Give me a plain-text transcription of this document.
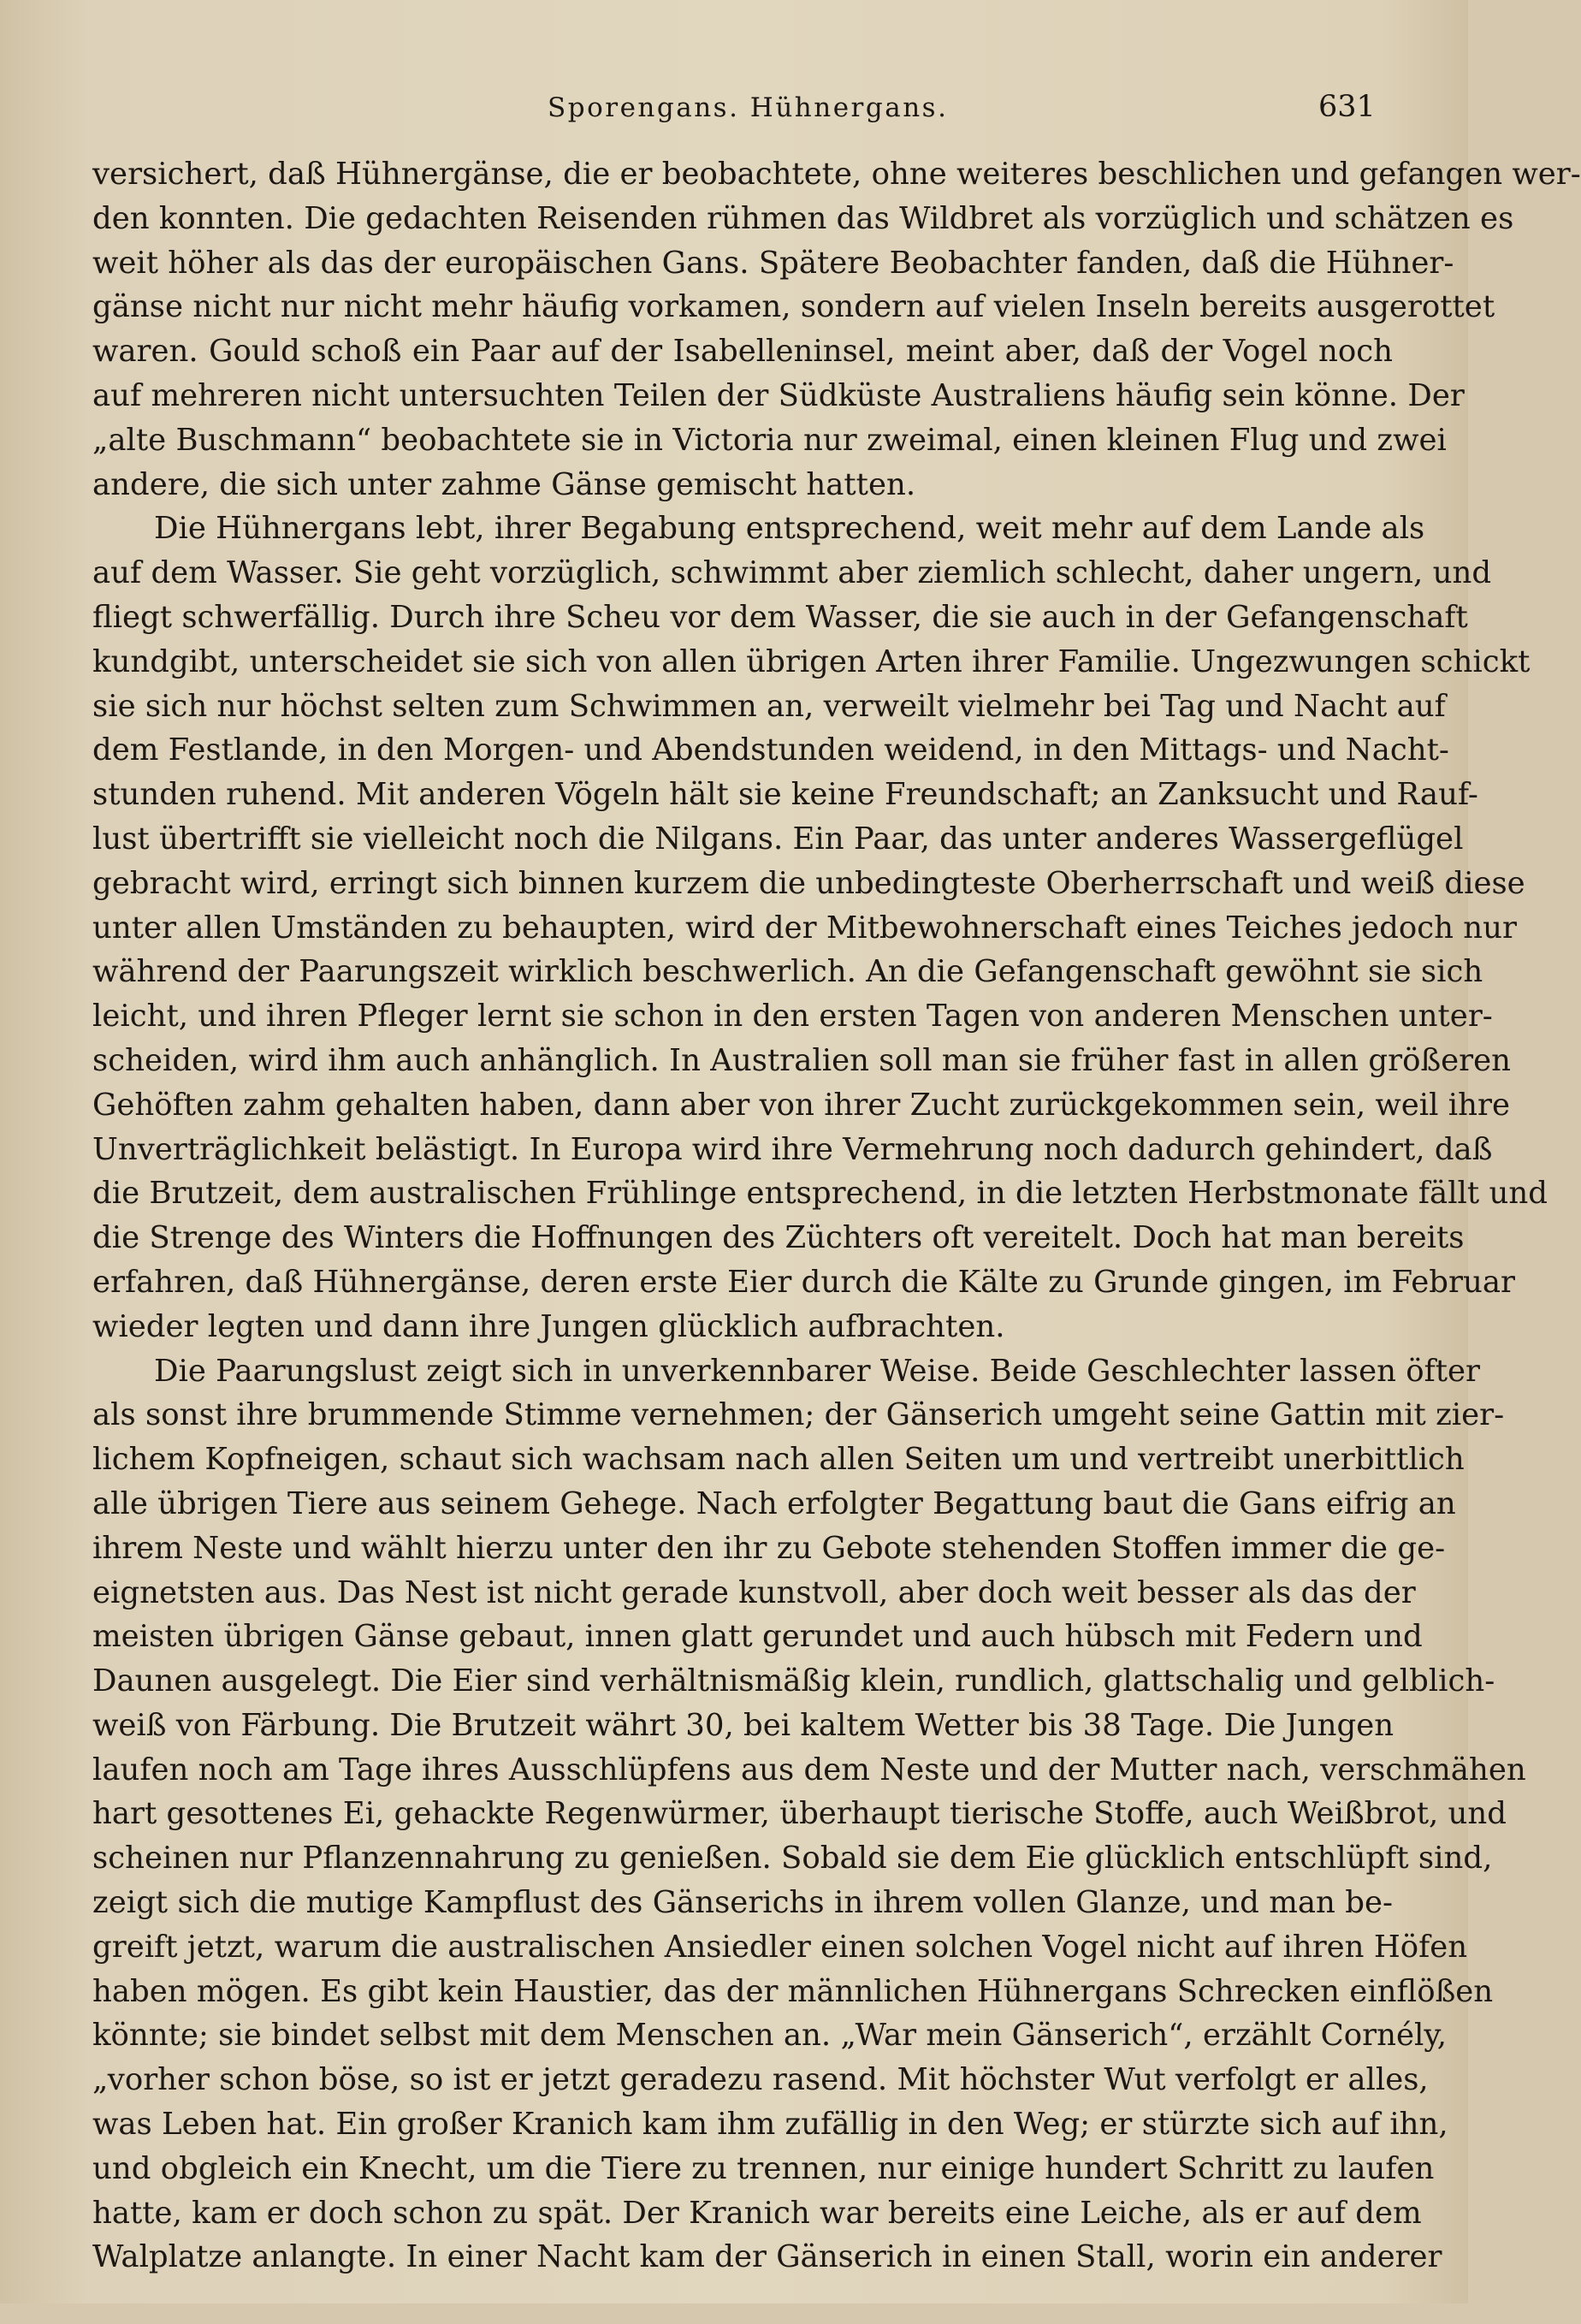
Sporengans. Hühnergans.	631
versichert, daß Hühnergänse, die er beobachtete, ohne weiteres beschlichen und gefangen wer-
den konnten. Die gedachten Reisenden rühmen das Wildbret als vorzüglich und schätzen es
weit höher als das der europäischen Gans. Spätere Beobachter fanden, daß die Hühner-
gänse nicht nur nicht mehr häufig vorkamen, sondern auf vielen Inseln bereits ausgerottet
waren. Gould schoß ein Paar auf der Isabelleninsel, meint aber, daß der Vogel noch
auf mehreren nicht untersuchten Teilen der Südküste Australiens häufig sein könne. Der
„alte Buschmann“ beobachtete sie in Victoria nur zweimal, einen kleinen Flug und zwei
andere, die sich unter zahme Gänse gemischt hatten.
Die Hühnergans lebt, ihrer Begabung entsprechend, weit mehr auf dem Lande als
auf dem Wasser. Sie geht vorzüglich, schwimmt aber ziemlich schlecht, daher ungern, und
fliegt schwerfällig. Durch ihre Scheu vor dem Wasser, die sie auch in der Gefangenschaft
kundgibt, unterscheidet sie sich von allen übrigen Arten ihrer Familie. Ungezwungen schickt
sie sich nur höchst selten zum Schwimmen an, verweilt vielmehr bei Tag und Nacht auf
dem Festlande, in den Morgen- und Abendstunden weidend, in den Mittags- und Nacht-
stunden ruhend. Mit anderen Vögeln hält sie keine Freundschaft; an Zanksucht und Rauf-
lust übertrifft sie vielleicht noch die Nilgans. Ein Paar, das unter anderes Wassergeflügel
gebracht wird, erringt sich binnen kurzem die unbedingteste Oberherrschaft und weiß diese
unter allen Umständen zu behaupten, wird der Mitbewohnerschaft eines Teiches jedoch nur
während der Paarungszeit wirklich beschwerlich. An die Gefangenschaft gewöhnt sie sich
leicht, und ihren Pfleger lernt sie schon in den ersten Tagen von anderen Menschen unter-
scheiden, wird ihm auch anhänglich. In Australien soll man sie früher fast in allen größeren
Gehöften zahm gehalten haben, dann aber von ihrer Zucht zurückgekommen sein, weil ihre
Unverträglichkeit belästigt. In Europa wird ihre Vermehrung noch dadurch gehindert, daß
die Brutzeit, dem australischen Frühlinge entsprechend, in die letzten Herbstmonate fällt und
die Strenge des Winters die Hoffnungen des Züchters oft vereitelt. Doch hat man bereits
erfahren, daß Hühnergänse, deren erste Eier durch die Kälte zu Grunde gingen, im Februar
wieder legten und dann ihre Jungen glücklich aufbrachten.
Die Paarungslust zeigt sich in unverkennbarer Weise. Beide Geschlechter lassen öfter
als sonst ihre brummende Stimme vernehmen; der Gänserich umgeht seine Gattin mit zier-
lichem Kopfneigen, schaut sich wachsam nach allen Seiten um und vertreibt unerbittlich
alle übrigen Tiere aus seinem Gehege. Nach erfolgter Begattung baut die Gans eifrig an
ihrem Neste und wählt hierzu unter den ihr zu Gebote stehenden Stoffen immer die ge-
eignetsten aus. Das Nest ist nicht gerade kunstvoll, aber doch weit besser als das der
meisten übrigen Gänse gebaut, innen glatt gerundet und auch hübsch mit Federn und
Daunen ausgelegt. Die Eier sind verhältnismäßig klein, rundlich, glattschalig und gelblich-
weiß von Färbung. Die Brutzeit währt 30, bei kaltem Wetter bis 38 Tage. Die Jungen
laufen noch am Tage ihres Ausschlüpfens aus dem Neste und der Mutter nach, verschmähen
hart gesottenes Ei, gehackte Regenwürmer, überhaupt tierische Stoffe, auch Weißbrot, und
scheinen nur Pflanzennahrung zu genießen. Sobald sie dem Eie glücklich entschlüpft sind,
zeigt sich die mutige Kampflust des Gänserichs in ihrem vollen Glanze, und man be-
greift jetzt, warum die australischen Ansiedler einen solchen Vogel nicht auf ihren Höfen
haben mögen. Es gibt kein Haustier, das der männlichen Hühnergans Schrecken einflößen
könnte; sie bindet selbst mit dem Menschen an. „War mein Gänserich“, erzählt Cornély,
„vorher schon böse, so ist er jetzt geradezu rasend. Mit höchster Wut verfolgt er alles,
was Leben hat. Ein großer Kranich kam ihm zufällig in den Weg; er stürzte sich auf ihn,
und obgleich ein Knecht, um die Tiere zu trennen, nur einige hundert Schritt zu laufen
hatte, kam er doch schon zu spät. Der Kranich war bereits eine Leiche, als er auf dem
Walplatze anlangte. In einer Nacht kam der Gänserich in einen Stall, worin ein anderer
